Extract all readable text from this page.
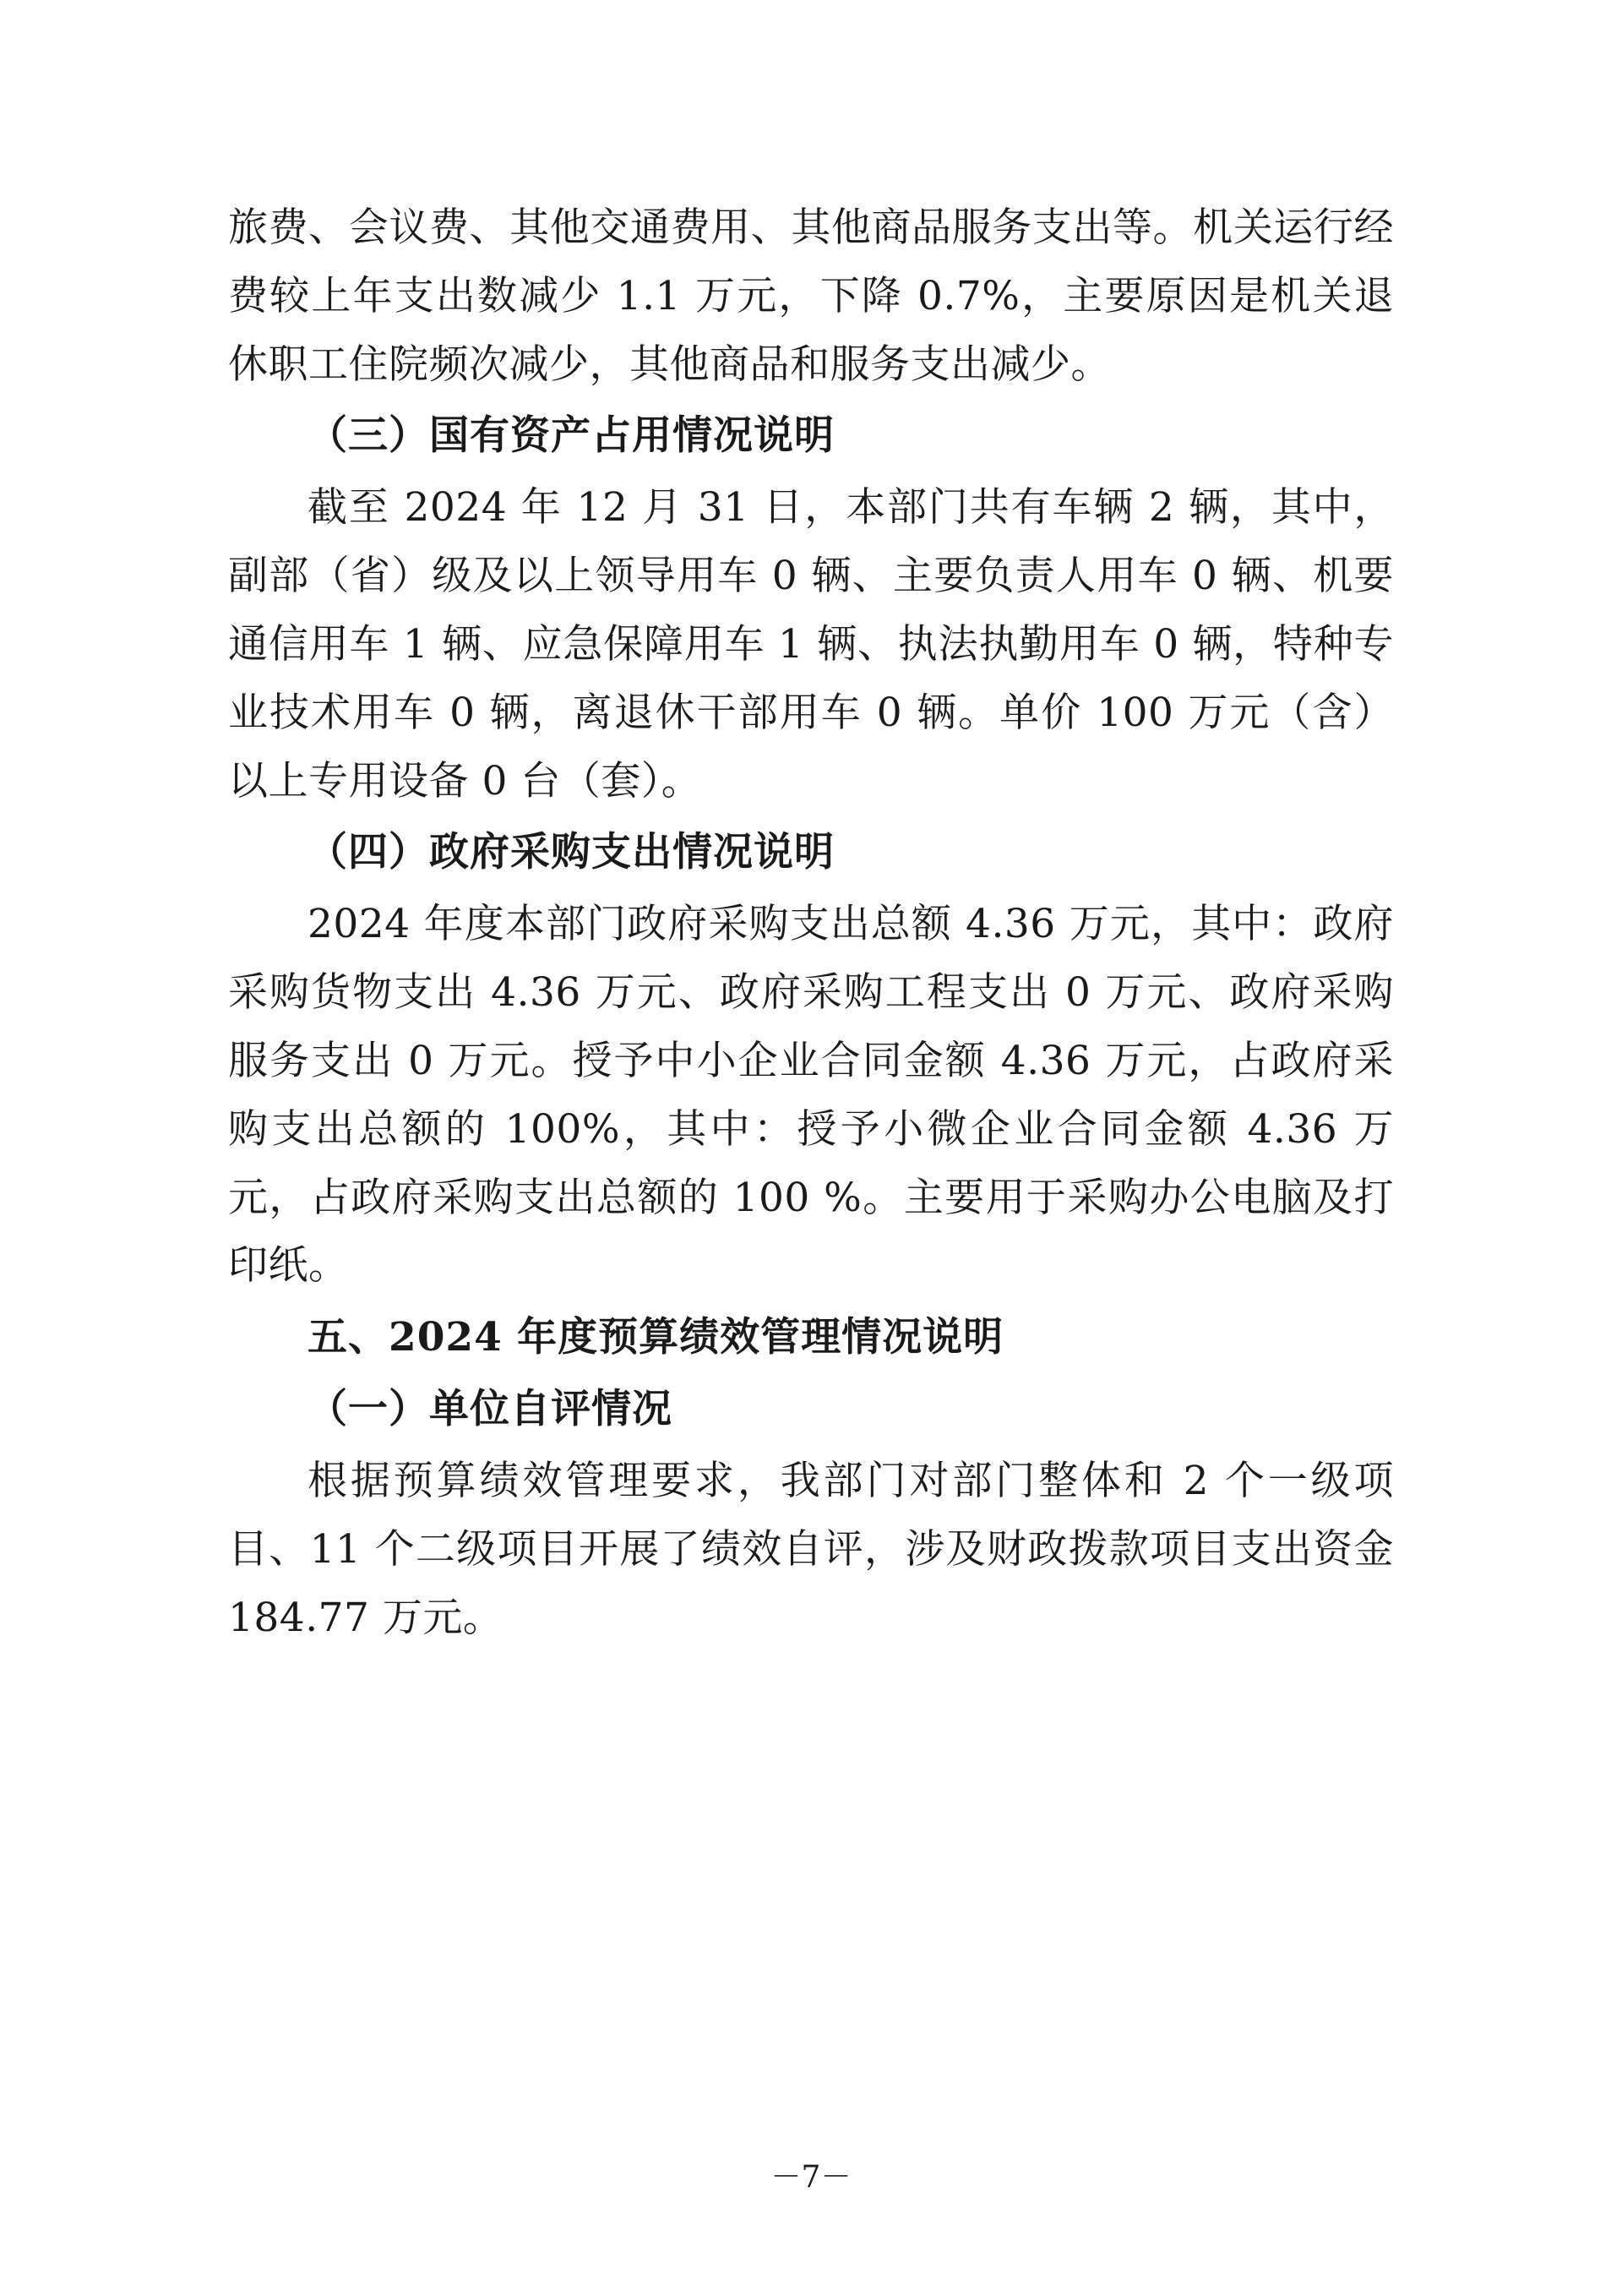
旅费、会议费、其他交通费用、其他商品服务支出等。机关运行经费较上年支出数减少 1.1 万元，下降 0.7%，主要原因是机关退休职工住院频次减少，其他商品和服务支出减少。

（三）国有资产占用情况说明

截至 2024 年 12 月 31 日，本部门共有车辆 2 辆，其中，副部（省）级及以上领导用车 0 辆、主要负责人用车 0 辆、机要通信用车 1 辆、应急保障用车 1 辆、执法执勤用车 0 辆，特种专业技术用车 0 辆，离退休干部用车 0 辆。单价 100 万元（含）以上专用设备 0 台（套）。

（四）政府采购支出情况说明

2024 年度本部门政府采购支出总额 4.36 万元，其中：政府采购货物支出 4.36 万元、政府采购工程支出 0 万元、政府采购服务支出 0 万元。授予中小企业合同金额 4.36 万元，占政府采购支出总额的 100%，其中：授予小微企业合同金额 4.36 万元，占政府采购支出总额的 100 %。主要用于采购办公电脑及打印纸。

五、2024 年度预算绩效管理情况说明

（一）单位自评情况

根据预算绩效管理要求，我部门对部门整体和 2 个一级项目、11 个二级项目开展了绩效自评，涉及财政拨款项目支出资金 184.77 万元。

－7－
